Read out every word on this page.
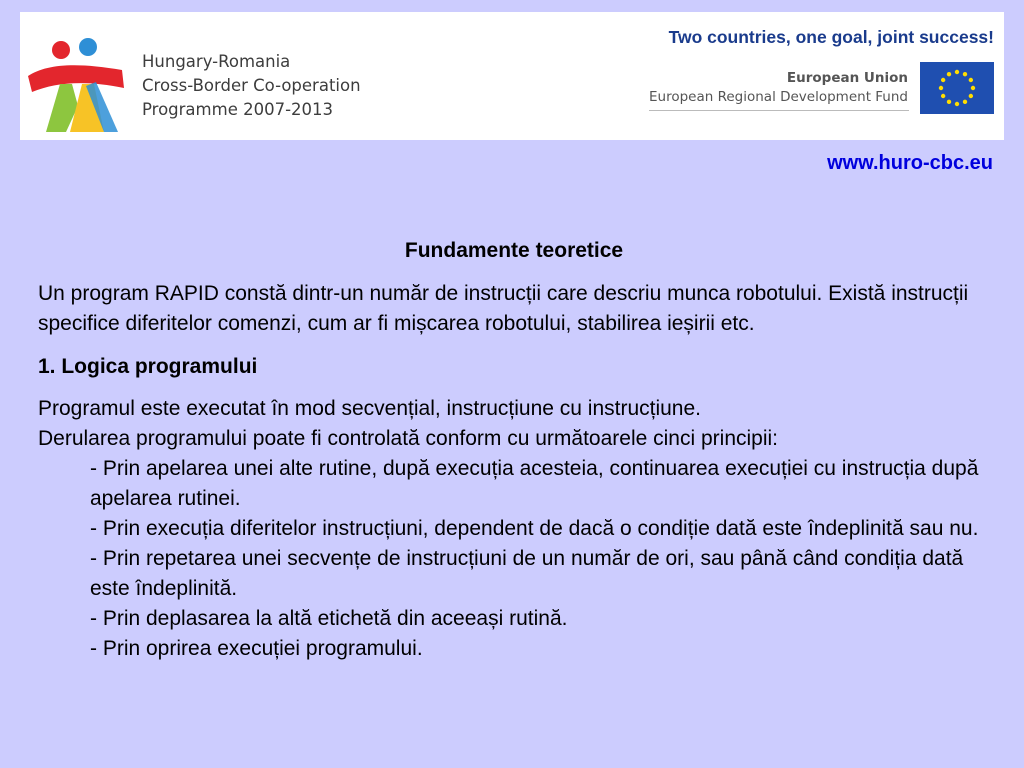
Hungary-Romania
Cross-Border Co-operation
Programme 2007-2013
Two countries, one goal, joint success!
European Union
European Regional Development Fund
www.huro-cbc.eu
Fundamente teoretice
Un program RAPID constă dintr-un număr de instrucții care descriu munca robotului. Există instrucții specifice diferitelor comenzi, cum ar fi mișcarea robotului, stabilirea ieșirii etc.
1. Logica programului
Programul este executat în mod secvențial, instrucțiune cu instrucțiune.
Derularea programului poate fi controlată conform cu următoarele cinci principii:
- Prin apelarea unei alte rutine, după execuția acesteia, continuarea execuției cu instrucția după apelarea rutinei.
- Prin execuția diferitelor instrucțiuni, dependent de dacă o condiție dată este îndeplinită sau nu.
- Prin repetarea unei secvențe de instrucțiuni de un număr de ori, sau până când condiția dată este îndeplinită.
- Prin deplasarea la altă etichetă din aceeași rutină.
- Prin oprirea execuției programului.
